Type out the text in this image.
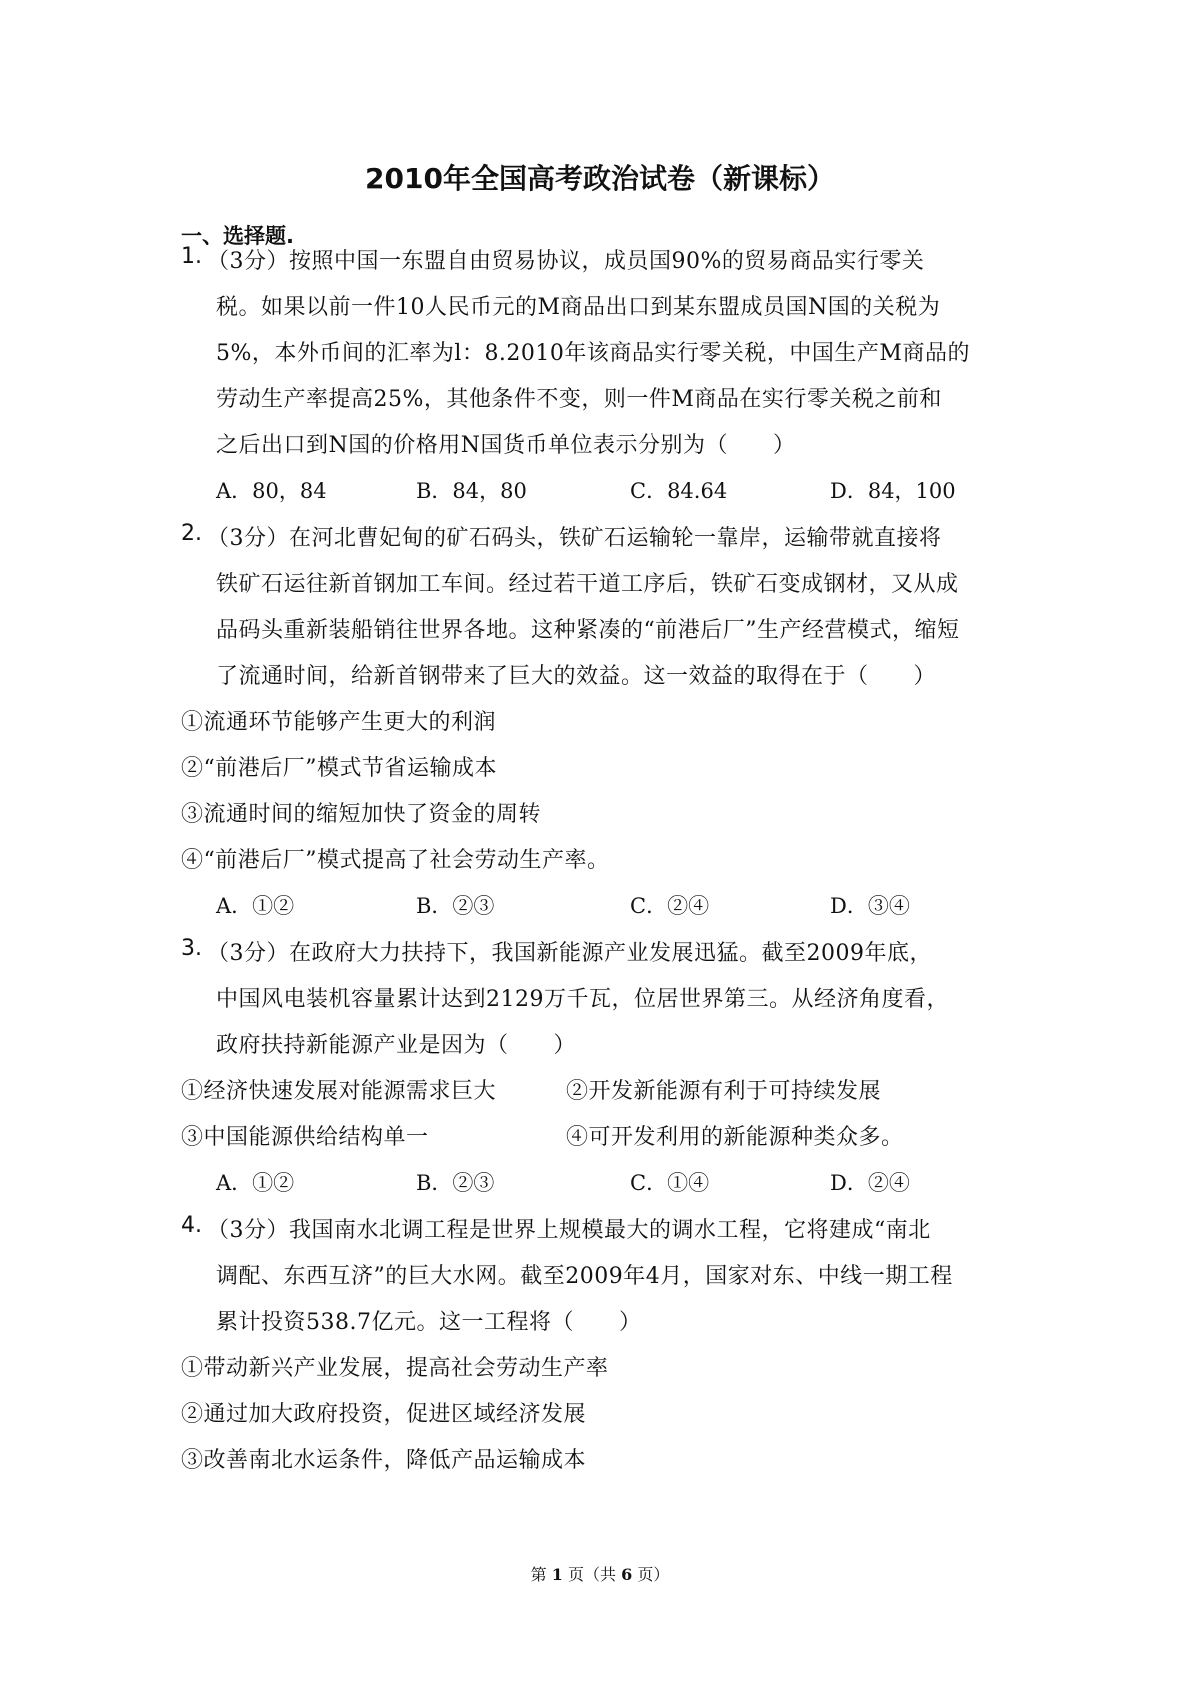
2010年全国高考政治试卷（新课标）
一、选择题.
1. （3分）按照中国一东盟自由贸易协议，成员国90%的贸易商品实行零关
税。如果以前一件10人民币元的M商品出口到某东盟成员国N国的关税为
5%，本外币间的汇率为l：8.2010年该商品实行零关税，中国生产M商品的
劳动生产率提高25%，其他条件不变，则一件M商品在实行零关税之前和
之后出口到N国的价格用N国货币单位表示分别为（　　）
A．80，84	B．84，80	C．84.64	D．84，100
2. （3分）在河北曹妃甸的矿石码头，铁矿石运输轮一靠岸，运输带就直接将
铁矿石运往新首钢加工车间。经过若干道工序后，铁矿石变成钢材，又从成
品码头重新装船销往世界各地。这种紧凑的“前港后厂”生产经营模式，缩短
了流通时间，给新首钢带来了巨大的效益。这一效益的取得在于（　　）
①流通环节能够产生更大的利润
②“前港后厂”模式节省运输成本
③流通时间的缩短加快了资金的周转
④“前港后厂”模式提高了社会劳动生产率。
A．①②	B．②③	C．②④	D．③④
3. （3分）在政府大力扶持下，我国新能源产业发展迅猛。截至2009年底，
中国风电装机容量累计达到2129万千瓦，位居世界第三。从经济角度看，
政府扶持新能源产业是因为（　　）
①经济快速发展对能源需求巨大	②开发新能源有利于可持续发展
③中国能源供给结构单一	④可开发利用的新能源种类众多。
A．①②	B．②③	C．①④	D．②④
4. （3分）我国南水北调工程是世界上规模最大的调水工程，它将建成“南北
调配、东西互济”的巨大水网。截至2009年4月，国家对东、中线一期工程
累计投资538.7亿元。这一工程将（　　）
①带动新兴产业发展，提高社会劳动生产率
②通过加大政府投资，促进区域经济发展
③改善南北水运条件，降低产品运输成本
第 1 页（共 6 页）
